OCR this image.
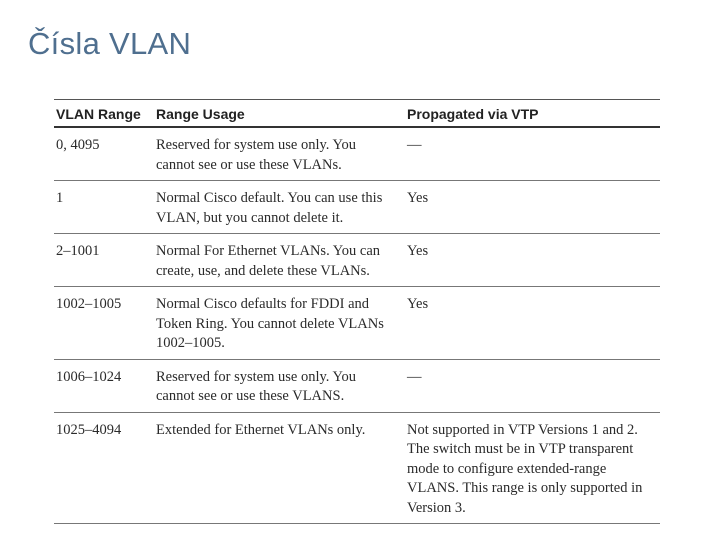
Čísla VLAN
VLAN Range	Range Usage	Propagated via VTP
0, 4095	Reserved for system use only. You cannot see or use these VLANs.	—
1	Normal Cisco default. You can use this VLAN, but you cannot delete it.	Yes
2–1001	Normal For Ethernet VLANs. You can create, use, and delete these VLANs.	Yes
1002–1005	Normal Cisco defaults for FDDI and Token Ring. You cannot delete VLANs 1002–1005.	Yes
1006–1024	Reserved for system use only. You cannot see or use these VLANS.	—
1025–4094	Extended for Ethernet VLANs only.	Not supported in VTP Versions 1 and 2. The switch must be in VTP transparent mode to configure extended-range VLANS. This range is only supported in Version 3.
